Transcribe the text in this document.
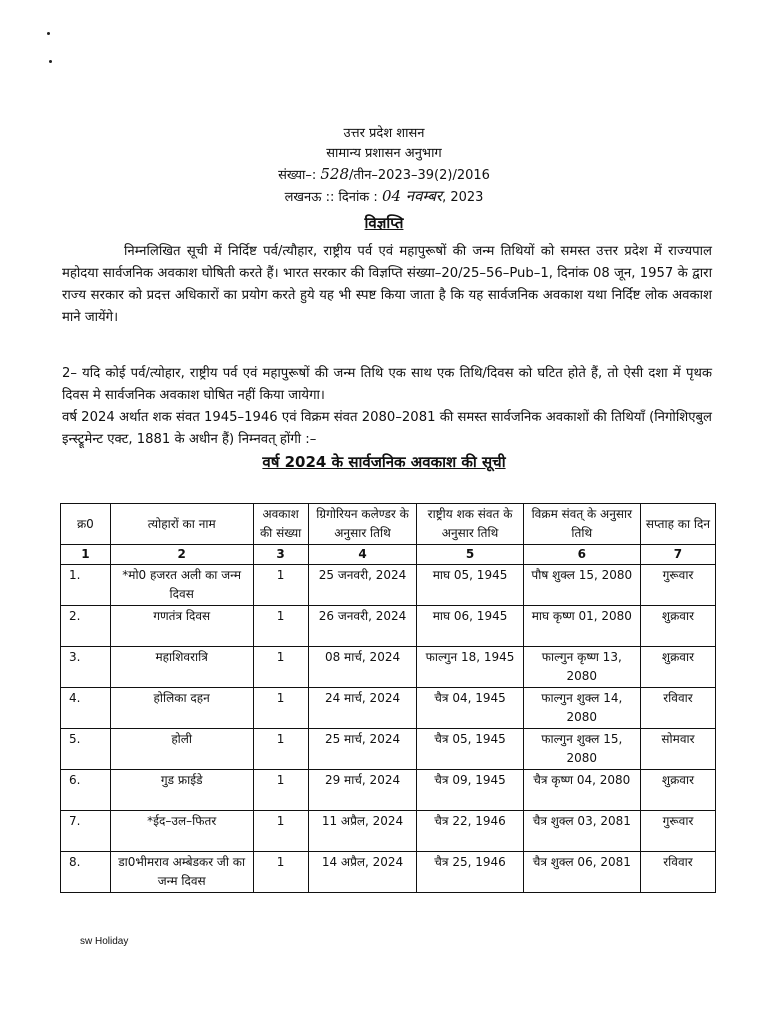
उत्तर प्रदेश शासन
सामान्य प्रशासन अनुभाग
संख्या–: 528/तीन–2023–39(2)/2016
लखनऊ :: दिनांक : 04 नवम्बर, 2023
विज्ञप्ति
निम्नलिखित सूची में निर्दिष्ट पर्व/त्यौहार, राष्ट्रीय पर्व एवं महापुरूषों की जन्म तिथियों को समस्त उत्तर प्रदेश में राज्यपाल महोदया सार्वजनिक अवकाश घोषिती करते हैं। भारत सरकार की विज्ञप्ति संख्या–20/25–56–Pub–1, दिनांक 08 जून, 1957 के द्वारा राज्य सरकार को प्रदत्त अधिकारों का प्रयोग करते हुये यह भी स्पष्ट किया जाता है कि यह सार्वजनिक अवकाश यथा निर्दिष्ट लोक अवकाश माने जायेंगे।
2– यदि कोई पर्व/त्योहार, राष्ट्रीय पर्व एवं महापुरूषों की जन्म तिथि एक साथ एक तिथि/दिवस को घटित होते हैं, तो ऐसी दशा में पृथक दिवस मे सार्वजनिक अवकाश घोषित नहीं किया जायेगा।
वर्ष 2024 अर्थात शक संवत 1945–1946 एवं विक्रम संवत 2080–2081 की समस्त सार्वजनिक अवकाशों की तिथियाँ (निगोशिएबुल इन्स्ट्रूमेन्ट एक्ट, 1881 के अधीन हैं) निम्नवत् होंगी :–
वर्ष 2024 के सार्वजनिक अवकाश की सूची
क्र0	त्योहारों का नाम	अवकाश की संख्या	ग्रिगोरियन कलेण्डर के अनुसार तिथि	राष्ट्रीय शक संवत के अनुसार तिथि	विक्रम संवत् के अनुसार तिथि	सप्ताह का दिन
1	2	3	4	5	6	7
1.	*मो0 हजरत अली का जन्म दिवस	1	25 जनवरी, 2024	माघ 05, 1945	पौष शुक्ल 15, 2080	गुरूवार
2.	गणतंत्र दिवस	1	26 जनवरी, 2024	माघ 06, 1945	माघ कृष्ण 01, 2080	शुक्रवार
3.	महाशिवरात्रि	1	08 मार्च, 2024	फाल्गुन 18, 1945	फाल्गुन कृष्ण 13, 2080	शुक्रवार
4.	होलिका दहन	1	24 मार्च, 2024	चैत्र 04, 1945	फाल्गुन शुक्ल 14, 2080	रविवार
5.	होली	1	25 मार्च, 2024	चैत्र 05, 1945	फाल्गुन शुक्ल 15, 2080	सोमवार
6.	गुड फ्राईडे	1	29 मार्च, 2024	चैत्र 09, 1945	चैत्र कृष्ण 04, 2080	शुक्रवार
7.	*ईद–उल–फितर	1	11 अप्रैल, 2024	चैत्र 22, 1946	चैत्र शुक्ल 03, 2081	गुरूवार
8.	डा0भीमराव अम्बेडकर जी का जन्म दिवस	1	14 अप्रैल, 2024	चैत्र 25, 1946	चैत्र शुक्ल 06, 2081	रविवार
sw Holiday
